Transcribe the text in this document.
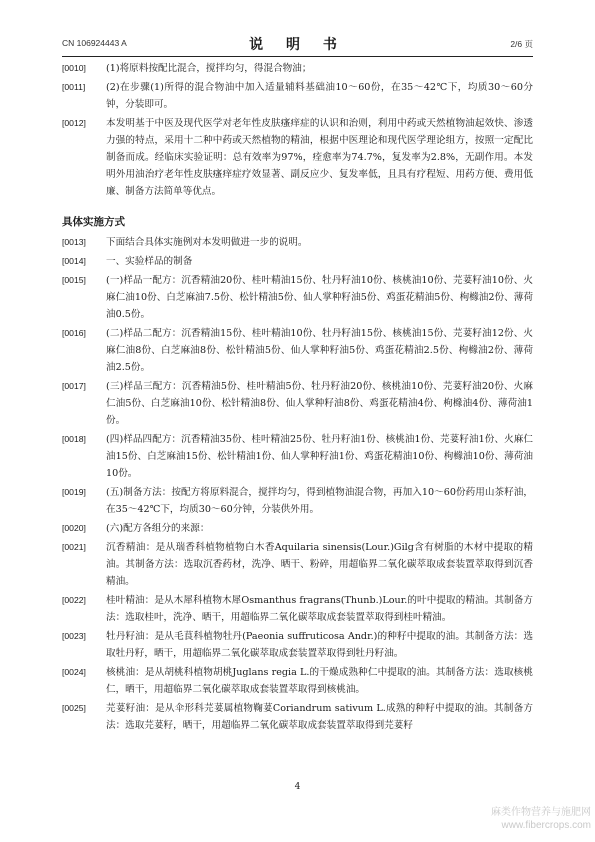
CN 106924443 A	说 明 书	2/6 页
[0010] (1)将原料按配比混合，搅拌均匀，得混合物油；
[0011] (2)在步骤(1)所得的混合物油中加入适量辅料基础油10～60份，在35～42℃下，均质30～60分钟，分装即可。
[0012] 本发明基于中医及现代医学对老年性皮肤瘙痒症的认识和治则，利用中药或天然植物油起效快、渗透力强的特点，采用十二种中药或天然植物的精油，根据中医理论和现代医学理论组方，按照一定配比制备而成。经临床实验证明：总有效率为97%，痊愈率为74.7%，复发率为2.8%，无副作用。本发明外用油治疗老年性皮肤瘙痒症疗效显著、副反应少、复发率低，且具有疗程短、用药方便、费用低廉、制备方法简单等优点。
具体实施方式
[0013] 下面结合具体实施例对本发明做进一步的说明。
[0014] 一、实验样品的制备
[0015] (一)样品一配方：沉香精油20份、桂叶精油15份、牡丹籽油10份、核桃油10份、芫荽籽油10份、火麻仁油10份、白芝麻油7.5份、松针精油5份、仙人掌种籽油5份、鸡蛋花精油5份、枸橼油2份、薄荷油0.5份。
[0016] (二)样品二配方：沉香精油15份、桂叶精油10份、牡丹籽油15份、核桃油15份、芫荽籽油12份、火麻仁油8份、白芝麻油8份、松针精油5份、仙人掌种籽油5份、鸡蛋花精油2.5份、枸橼油2份、薄荷油2.5份。
[0017] (三)样品三配方：沉香精油5份、桂叶精油5份、牡丹籽油20份、核桃油10份、芫荽籽油20份、火麻仁油5份、白芝麻油10份、松针精油8份、仙人掌种籽油8份、鸡蛋花精油4份、枸橼油4份、薄荷油1份。
[0018] (四)样品四配方：沉香精油35份、桂叶精油25份、牡丹籽油1份、核桃油1份、芫荽籽油1份、火麻仁油15份、白芝麻油15份、松针精油1份、仙人掌种籽油1份、鸡蛋花精油10份、枸橼油10份、薄荷油10份。
[0019] (五)制备方法：按配方将原料混合，搅拌均匀，得到植物油混合物，再加入10～60份药用山茶籽油，在35～42℃下，均质30～60分钟，分装供外用。
[0020] (六)配方各组分的来源：
[0021] 沉香精油：是从瑞香科植物植物白木香Aquilaria sinensis(Lour.)Gilg含有树脂的木材中提取的精油。其制备方法：选取沉香药材，洗净、晒干、粉碎，用超临界二氧化碳萃取成套装置萃取得到沉香精油。
[0022] 桂叶精油：是从木犀科植物木犀Osmanthus fragrans(Thunb.)Lour.的叶中提取的精油。其制备方法：选取桂叶，洗净、晒干，用超临界二氧化碳萃取成套装置萃取得到桂叶精油。
[0023] 牡丹籽油：是从毛茛科植物牡丹(Paeonia suffruticosa Andr.)的种籽中提取的油。其制备方法：选取牡丹籽，晒干，用超临界二氧化碳萃取成套装置萃取得到牡丹籽油。
[0024] 核桃油：是从胡桃科植物胡桃Juglans regia L.的干燥成熟种仁中提取的油。其制备方法：选取核桃仁，晒干，用超临界二氧化碳萃取成套装置萃取得到核桃油。
[0025] 芫荽籽油：是从伞形科芫荽属植物鞠荽Coriandrum sativum L.成熟的种籽中提取的油。其制备方法：选取芫荽籽，晒干，用超临界二氧化碳萃取成套装置萃取得到芫荽籽
4
麻类作物营养与施肥网
www.fibercrops.com
